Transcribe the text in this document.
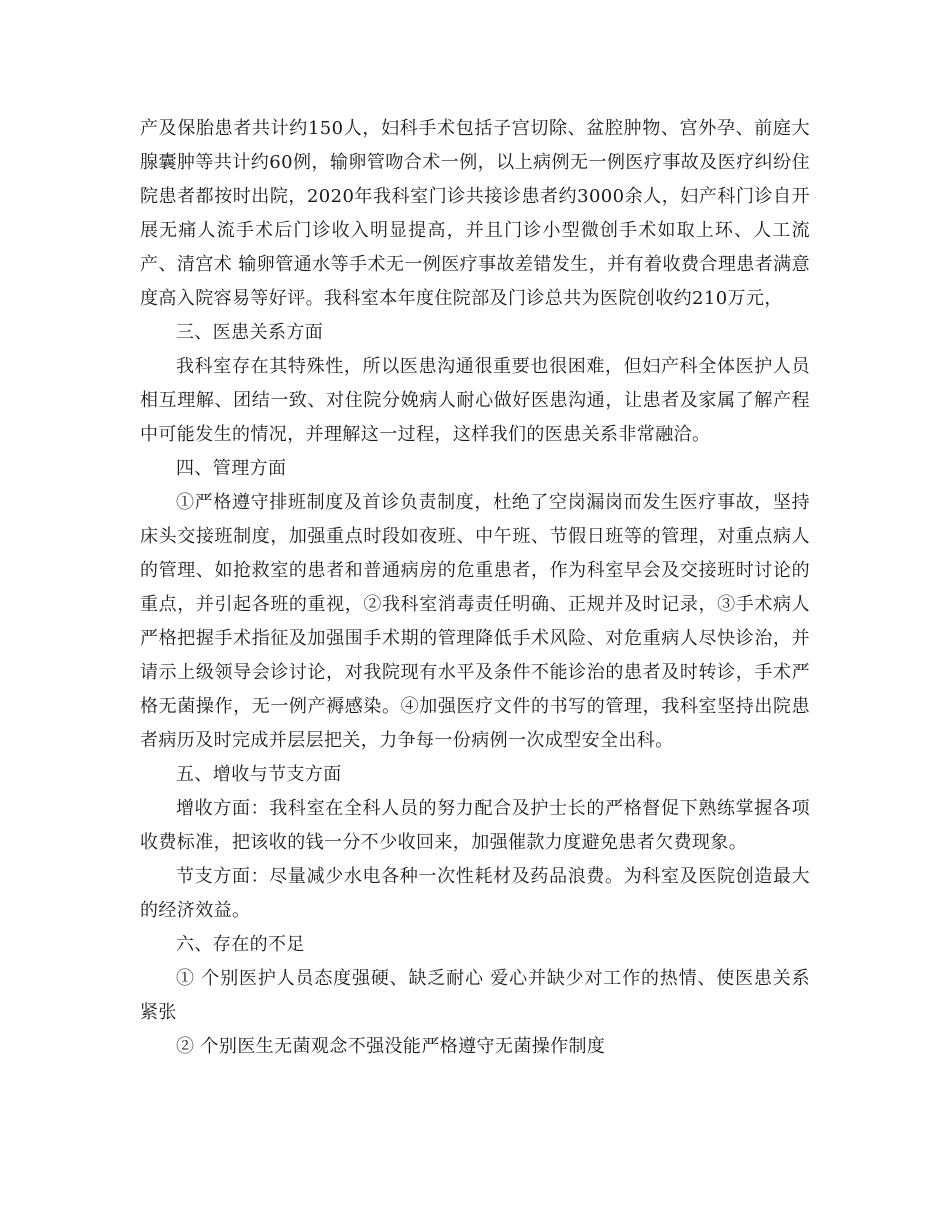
产及保胎患者共计约150人，妇科手术包括子宫切除、盆腔肿物、宫外孕、前庭大腺囊肿等共计约60例，输卵管吻合术一例，以上病例无一例医疗事故及医疗纠纷住院患者都按时出院，2020年我科室门诊共接诊患者约3000余人，妇产科门诊自开展无痛人流手术后门诊收入明显提高，并且门诊小型微创手术如取上环、人工流产、清宫术 输卵管通水等手术无一例医疗事故差错发生，并有着收费合理患者满意度高入院容易等好评。我科室本年度住院部及门诊总共为医院创收约210万元，

三、医患关系方面

我科室存在其特殊性，所以医患沟通很重要也很困难，但妇产科全体医护人员相互理解、团结一致、对住院分娩病人耐心做好医患沟通，让患者及家属了解产程中可能发生的情况，并理解这一过程，这样我们的医患关系非常融洽。

四、管理方面

①严格遵守排班制度及首诊负责制度，杜绝了空岗漏岗而发生医疗事故，坚持床头交接班制度，加强重点时段如夜班、中午班、节假日班等的管理，对重点病人的管理、如抢救室的患者和普通病房的危重患者，作为科室早会及交接班时讨论的重点，并引起各班的重视，②我科室消毒责任明确、正规并及时记录，③手术病人严格把握手术指征及加强围手术期的管理降低手术风险、对危重病人尽快诊治，并请示上级领导会诊讨论，对我院现有水平及条件不能诊治的患者及时转诊，手术严格无菌操作，无一例产褥感染。④加强医疗文件的书写的管理，我科室坚持出院患者病历及时完成并层层把关，力争每一份病例一次成型安全出科。

五、增收与节支方面

增收方面：我科室在全科人员的努力配合及护士长的严格督促下熟练掌握各项收费标准，把该收的钱一分不少收回来，加强催款力度避免患者欠费现象。

节支方面：尽量减少水电各种一次性耗材及药品浪费。为科室及医院创造最大的经济效益。

六、存在的不足

① 个别医护人员态度强硬、缺乏耐心 爱心并缺少对工作的热情、使医患关系紧张

② 个别医生无菌观念不强没能严格遵守无菌操作制度
